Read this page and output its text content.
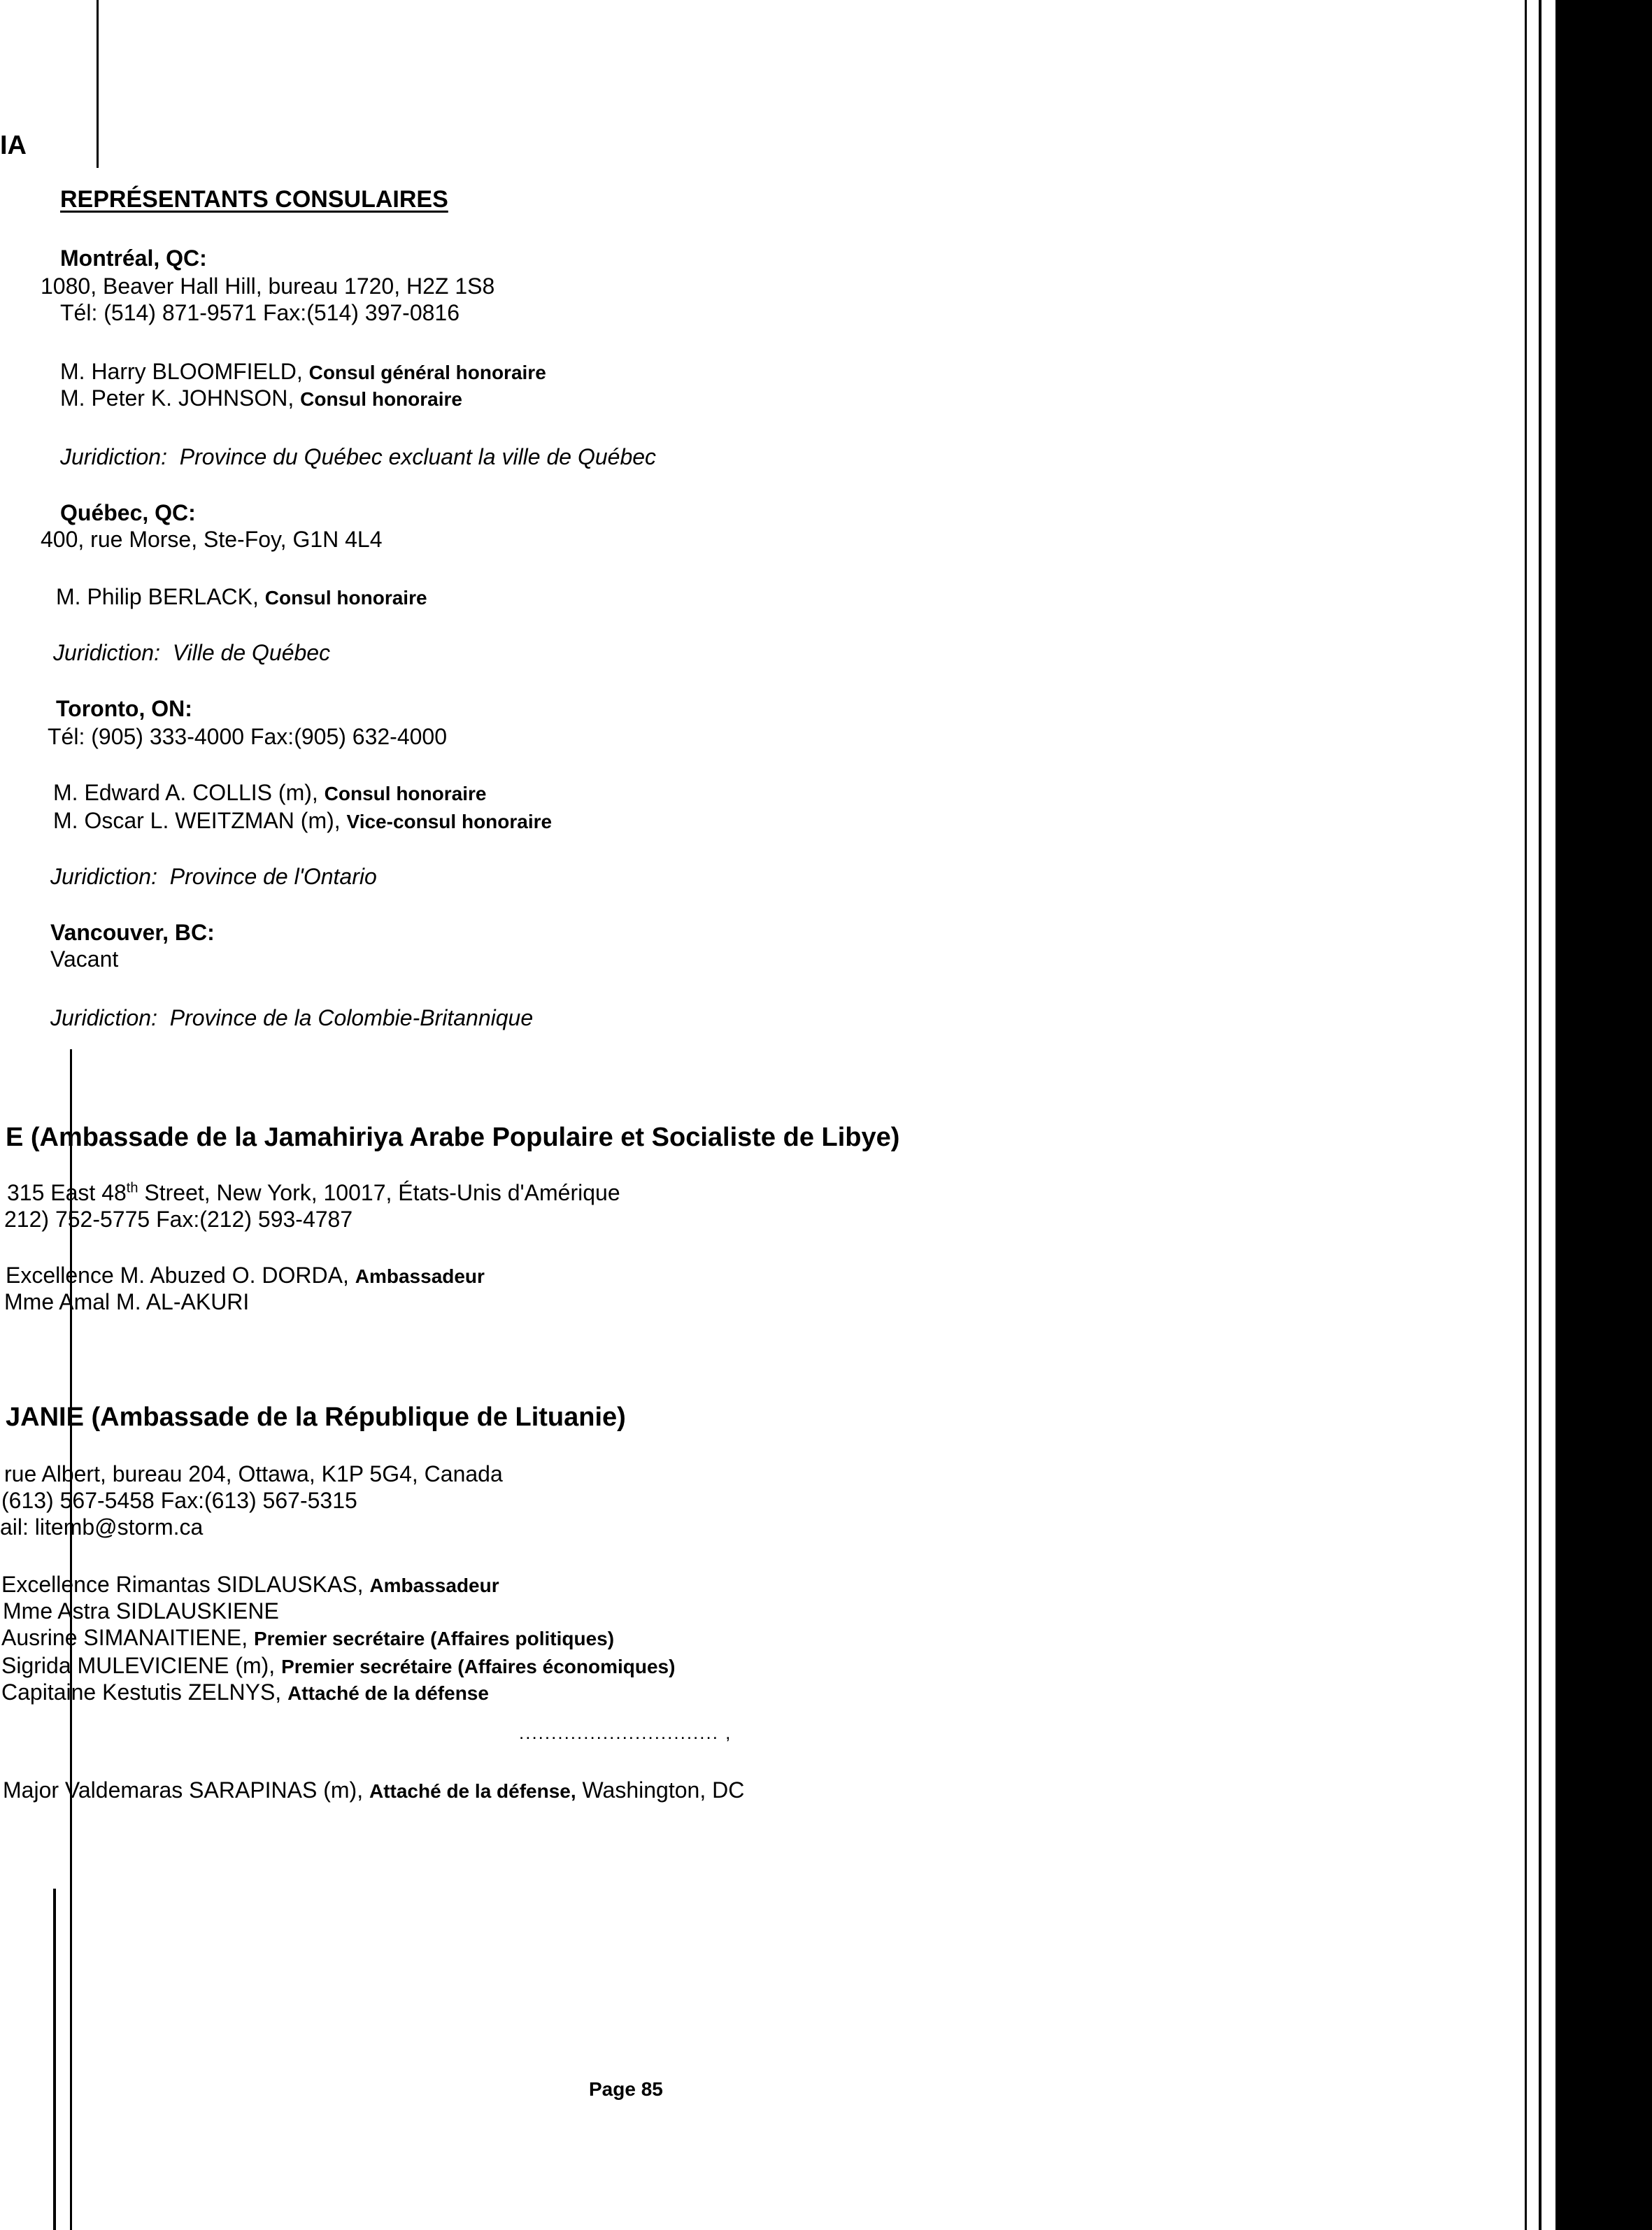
IA
REPRÉSENTANTS CONSULAIRES
Montréal, QC:
1080, Beaver Hall Hill, bureau 1720, H2Z 1S8
Tél: (514) 871-9571 Fax:(514) 397-0816
M. Harry BLOOMFIELD, Consul général honoraire
M. Peter K. JOHNSON, Consul honoraire
Juridiction: Province du Québec excluant la ville de Québec
Québec, QC:
400, rue Morse, Ste-Foy, G1N 4L4
M. Philip BERLACK, Consul honoraire
Juridiction: Ville de Québec
Toronto, ON:
Tél: (905) 333-4000 Fax:(905) 632-4000
M. Edward A. COLLIS (m), Consul honoraire
M. Oscar L. WEITZMAN (m), Vice-consul honoraire
Juridiction: Province de l'Ontario
Vancouver, BC:
Vacant
Juridiction: Province de la Colombie-Britannique
E (Ambassade de la Jamahiriya Arabe Populaire et Socialiste de Libye)
315 East 48th Street, New York, 10017, États-Unis d'Amérique
212) 752-5775 Fax:(212) 593-4787
Excellence M. Abuzed O. DORDA, Ambassadeur
Mme Amal M. AL-AKURI
JANIE (Ambassade de la République de Lituanie)
rue Albert, bureau 204, Ottawa, K1P 5G4, Canada
(613) 567-5458 Fax:(613) 567-5315
ail: litemb@storm.ca
Excellence Rimantas SIDLAUSKAS, Ambassadeur
Mme Astra SIDLAUSKIENE
Ausrine SIMANAITIENE, Premier secrétaire (Affaires politiques)
Sigrida MULEVICIENE (m), Premier secrétaire (Affaires économiques)
Capitaine Kestutis ZELNYS, Attaché de la défense
............................... ,
Major Valdemaras SARAPINAS (m), Attaché de la défense, Washington, DC
Page 85
